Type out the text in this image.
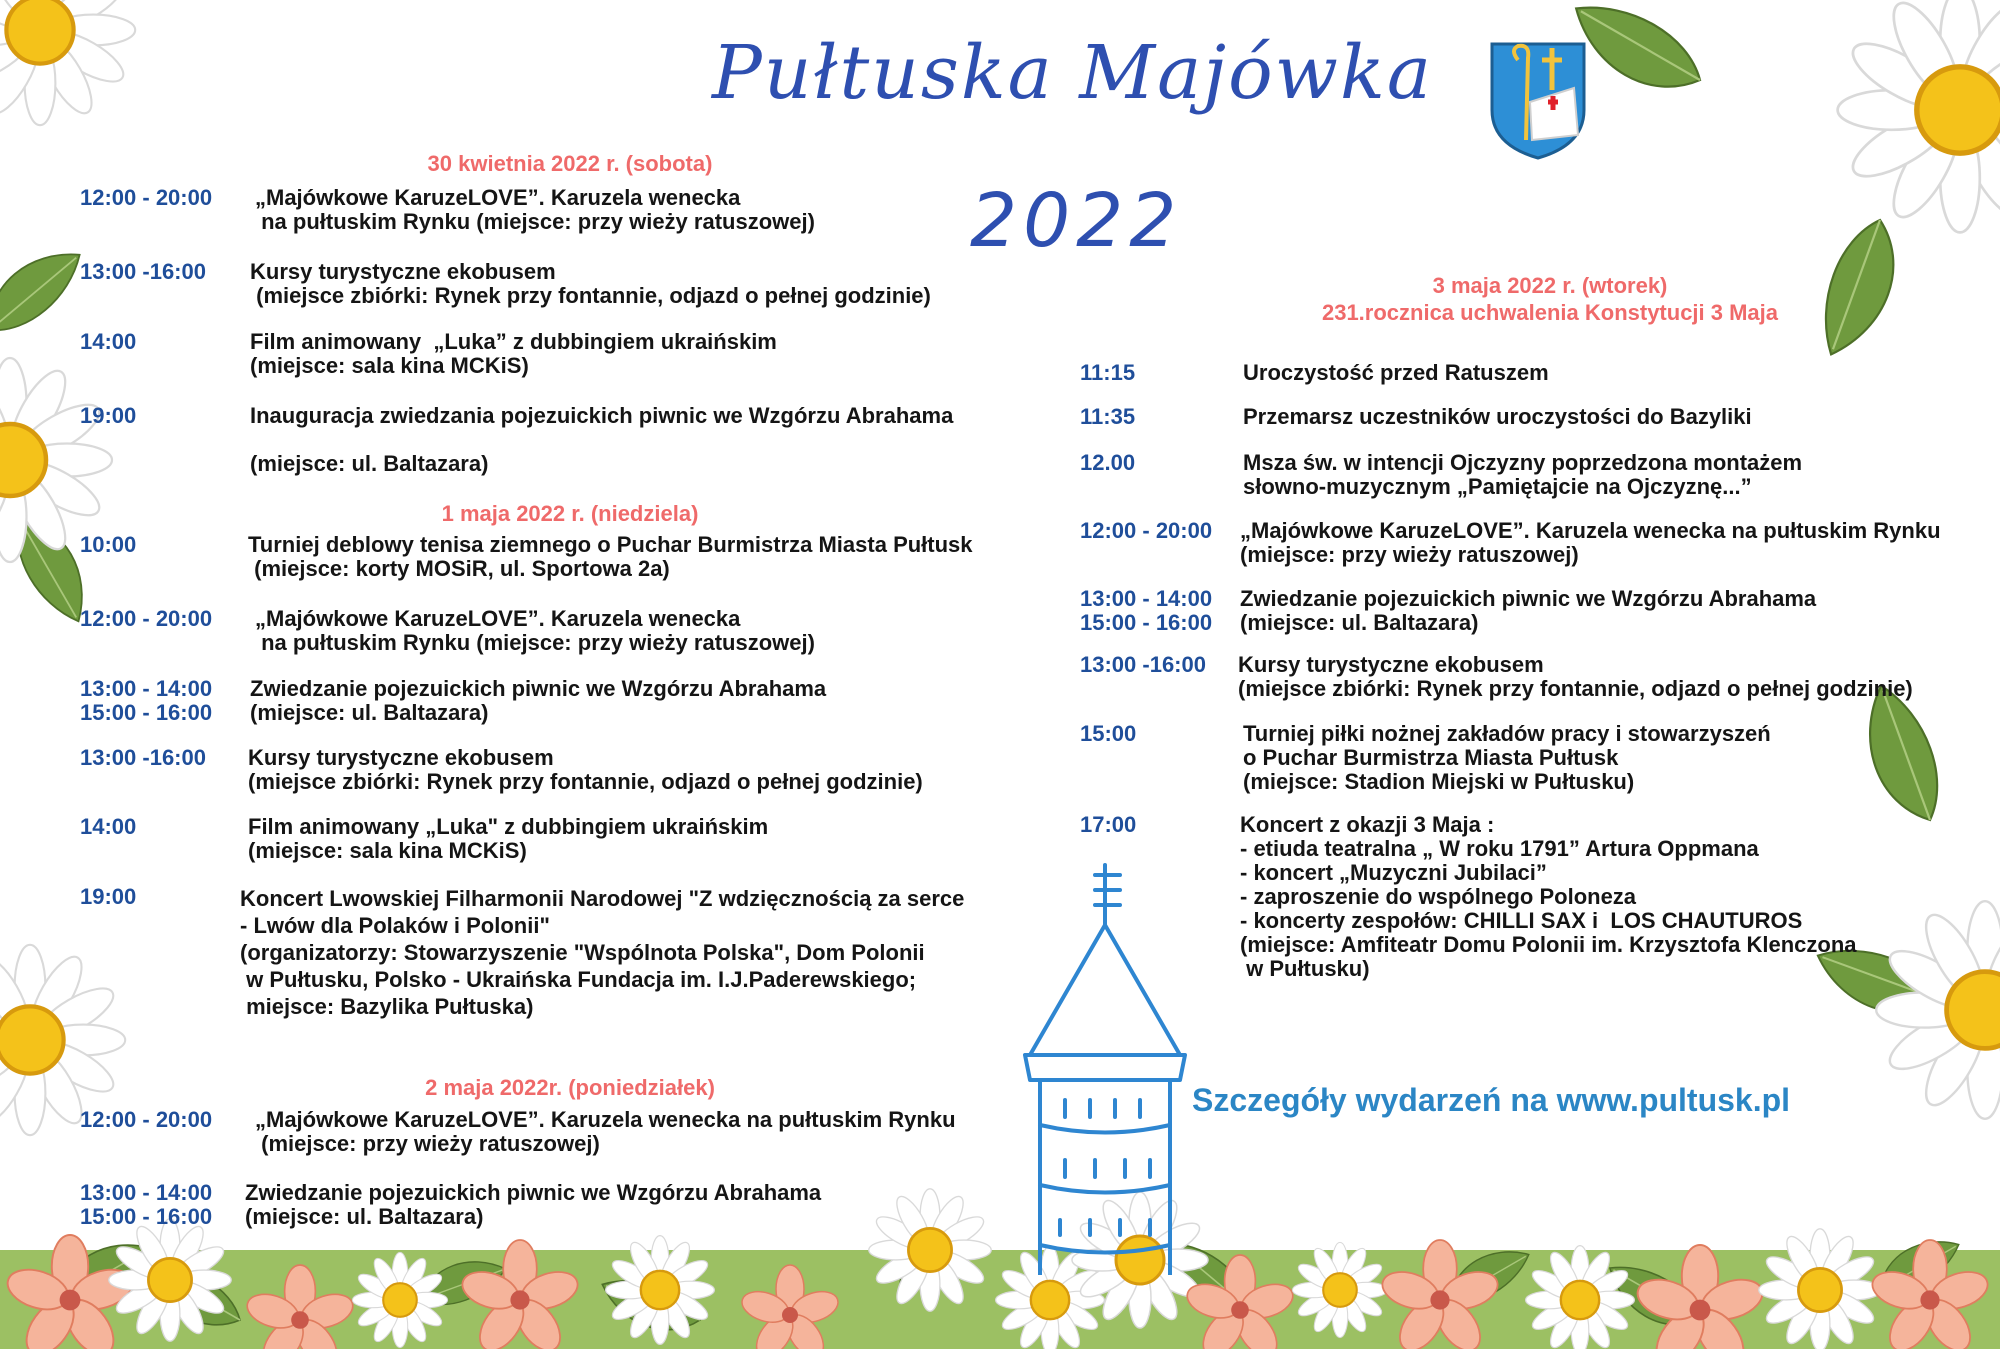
Pułtuska Majówka
2022
30 kwietnia 2022 r. (sobota)
1 maja 2022 r. (niedziela)
2 maja 2022r. (poniedziałek)
3 maja 2022 r. (wtorek)
231.rocznica uchwalenia Konstytucji 3 Maja
12:00 - 20:00 „Majówkowe KaruzeLOVE”. Karuzela wenecka
na pułtuskim Rynku (miejsce: przy wieży ratuszowej)
13:00 -16:00 Kursy turystyczne ekobusem
(miejsce zbiórki: Rynek przy fontannie, odjazd o pełnej godzinie)
14:00	Film animowany  „Luka” z dubbingiem ukraińskim
(miejsce: sala kina MCKiS)
19:00	Inauguracja zwiedzania pojezuickich piwnic we Wzgórzu Abrahama

(miejsce: ul. Baltazara)
10:00	Turniej deblowy tenisa ziemnego o Puchar Burmistrza Miasta Pułtusk
(miejsce: korty MOSiR, ul. Sportowa 2a)
12:00 - 20:00 „Majówkowe KaruzeLOVE”. Karuzela wenecka
na pułtuskim Rynku (miejsce: przy wieży ratuszowej)
13:00 - 14:00
15:00 - 16:00
Zwiedzanie pojezuickich piwnic we Wzgórzu Abrahama
(miejsce: ul. Baltazara)
13:00 -16:00 Kursy turystyczne ekobusem
(miejsce zbiórki: Rynek przy fontannie, odjazd o pełnej godzinie)
14:00	Film animowany „Luka" z dubbingiem ukraińskim
(miejsce: sala kina MCKiS)
19:00	Koncert Lwowskiej Filharmonii Narodowej "Z wdzięcznością za serce
- Lwów dla Polaków i Polonii"
(organizatorzy: Stowarzyszenie "Wspólnota Polska", Dom Polonii
w Pułtusku, Polsko - Ukraińska Fundacja im. I.J.Paderewskiego;
miejsce: Bazylika Pułtuska)
12:00 - 20:00 „Majówkowe KaruzeLOVE”. Karuzela wenecka na pułtuskim Rynku
(miejsce: przy wieży ratuszowej)
13:00 - 14:00
15:00 - 16:00
Zwiedzanie pojezuickich piwnic we Wzgórzu Abrahama
(miejsce: ul. Baltazara)
11:15	Uroczystość przed Ratuszem
11:35	Przemarsz uczestników uroczystości do Bazyliki
12.00	Msza św. w intencji Ojczyzny poprzedzona montażem
słowno-muzycznym „Pamiętajcie na Ojczyznę...”
12:00 - 20:00 „Majówkowe KaruzeLOVE”. Karuzela wenecka na pułtuskim Rynku
(miejsce: przy wieży ratuszowej)
13:00 - 14:00
15:00 - 16:00
Zwiedzanie pojezuickich piwnic we Wzgórzu Abrahama
(miejsce: ul. Baltazara)
13:00 -16:00 Kursy turystyczne ekobusem
(miejsce zbiórki: Rynek przy fontannie, odjazd o pełnej godzinie)
15:00	Turniej piłki nożnej zakładów pracy i stowarzyszeń
o Puchar Burmistrza Miasta Pułtusk
(miejsce: Stadion Miejski w Pułtusku)
17:00	Koncert z okazji 3 Maja :
- etiuda teatralna „ W roku 1791” Artura Oppmana
- koncert „Muzyczni Jubilaci”
- zaproszenie do wspólnego Poloneza
- koncerty zespołów: CHILLI SAX i  LOS CHAUTUROS
(miejsce: Amfiteatr Domu Polonii im. Krzysztofa Klenczona
w Pułtusku)
Szczegóły wydarzeń na www.pultusk.pl
